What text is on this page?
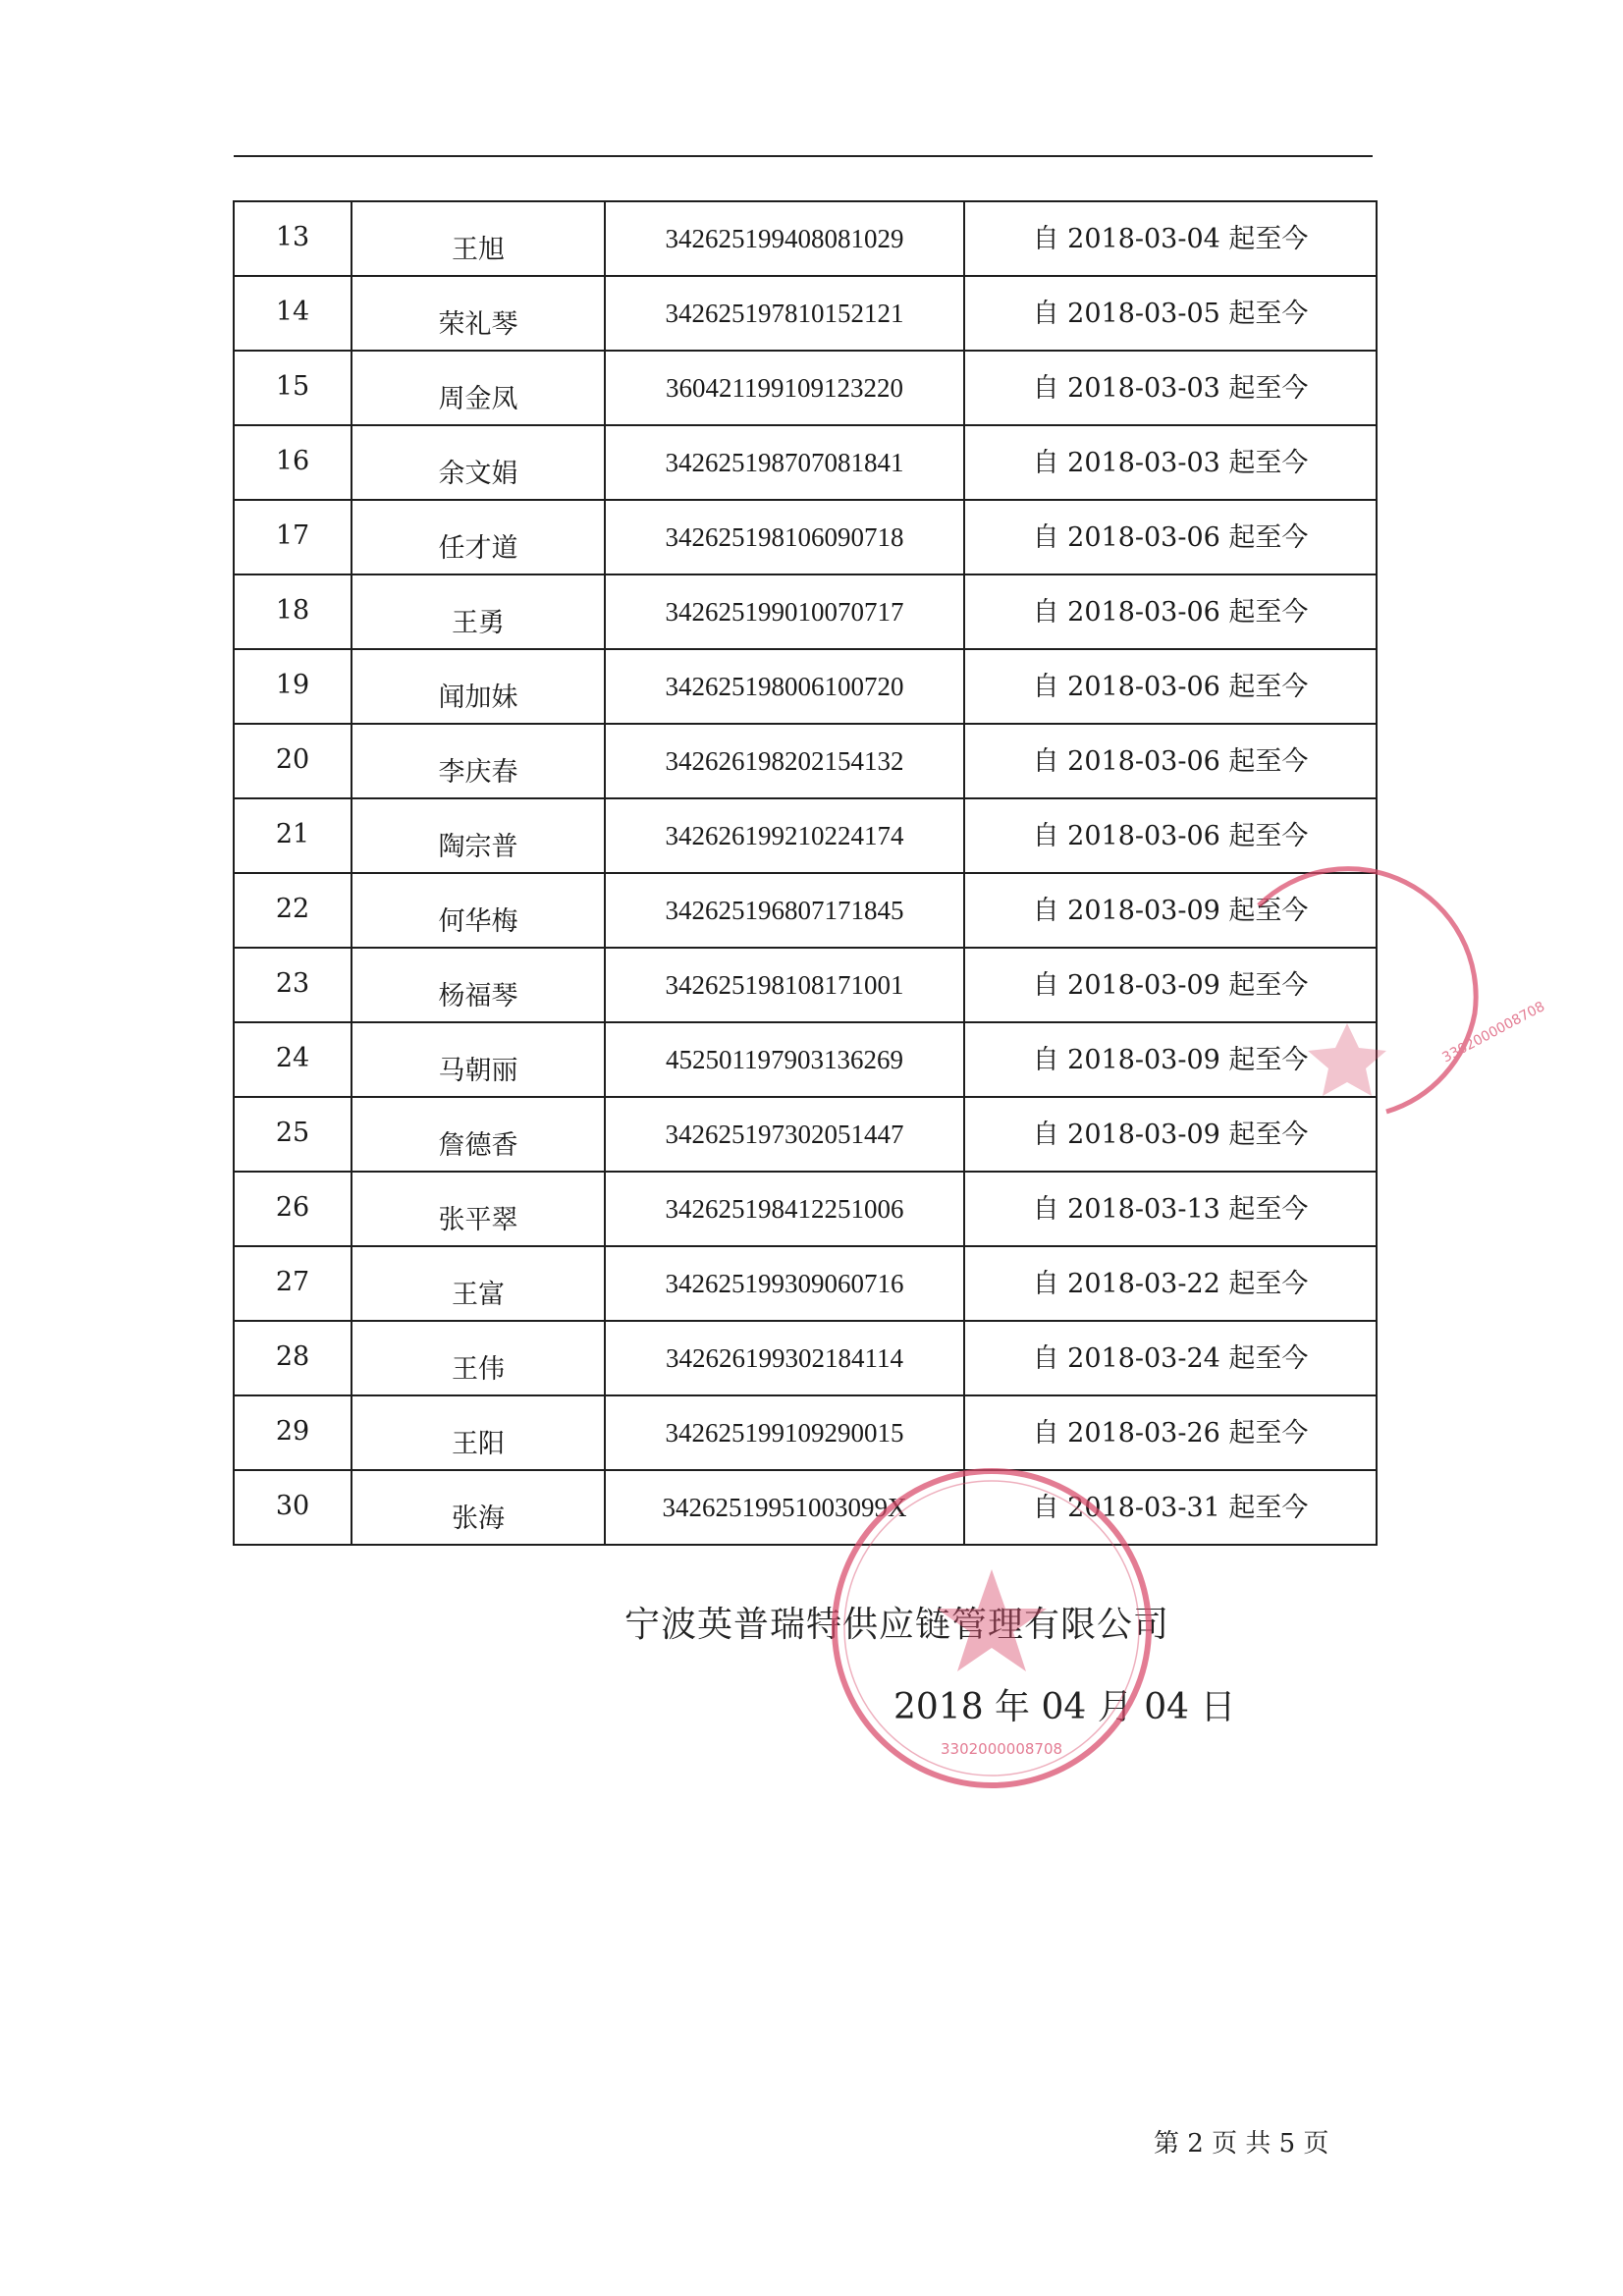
13	王旭	342625199408081029	自 2018-03-04 起至今
14	荣礼琴	342625197810152121	自 2018-03-05 起至今
15	周金凤	360421199109123220	自 2018-03-03 起至今
16	余文娟	342625198707081841	自 2018-03-03 起至今
17	任才道	342625198106090718	自 2018-03-06 起至今
18	王勇	342625199010070717	自 2018-03-06 起至今
19	闻加妹	342625198006100720	自 2018-03-06 起至今
20	李庆春	342626198202154132	自 2018-03-06 起至今
21	陶宗普	342626199210224174	自 2018-03-06 起至今
22	何华梅	342625196807171845	自 2018-03-09 起至今
23	杨福琴	342625198108171001	自 2018-03-09 起至今
24	马朝丽	452501197903136269	自 2018-03-09 起至今
25	詹德香	342625197302051447	自 2018-03-09 起至今
26	张平翠	342625198412251006	自 2018-03-13 起至今
27	王富	342625199309060716	自 2018-03-22 起至今
28	王伟	342626199302184114	自 2018-03-24 起至今
29	王阳	342625199109290015	自 2018-03-26 起至今
30	张海	34262519951003099X	自 2018-03-31 起至今
宁波英普瑞特供应链管理有限公司
2018 年 04 月 04 日
3302000008708
3302000008708
第 2 页 共 5 页
